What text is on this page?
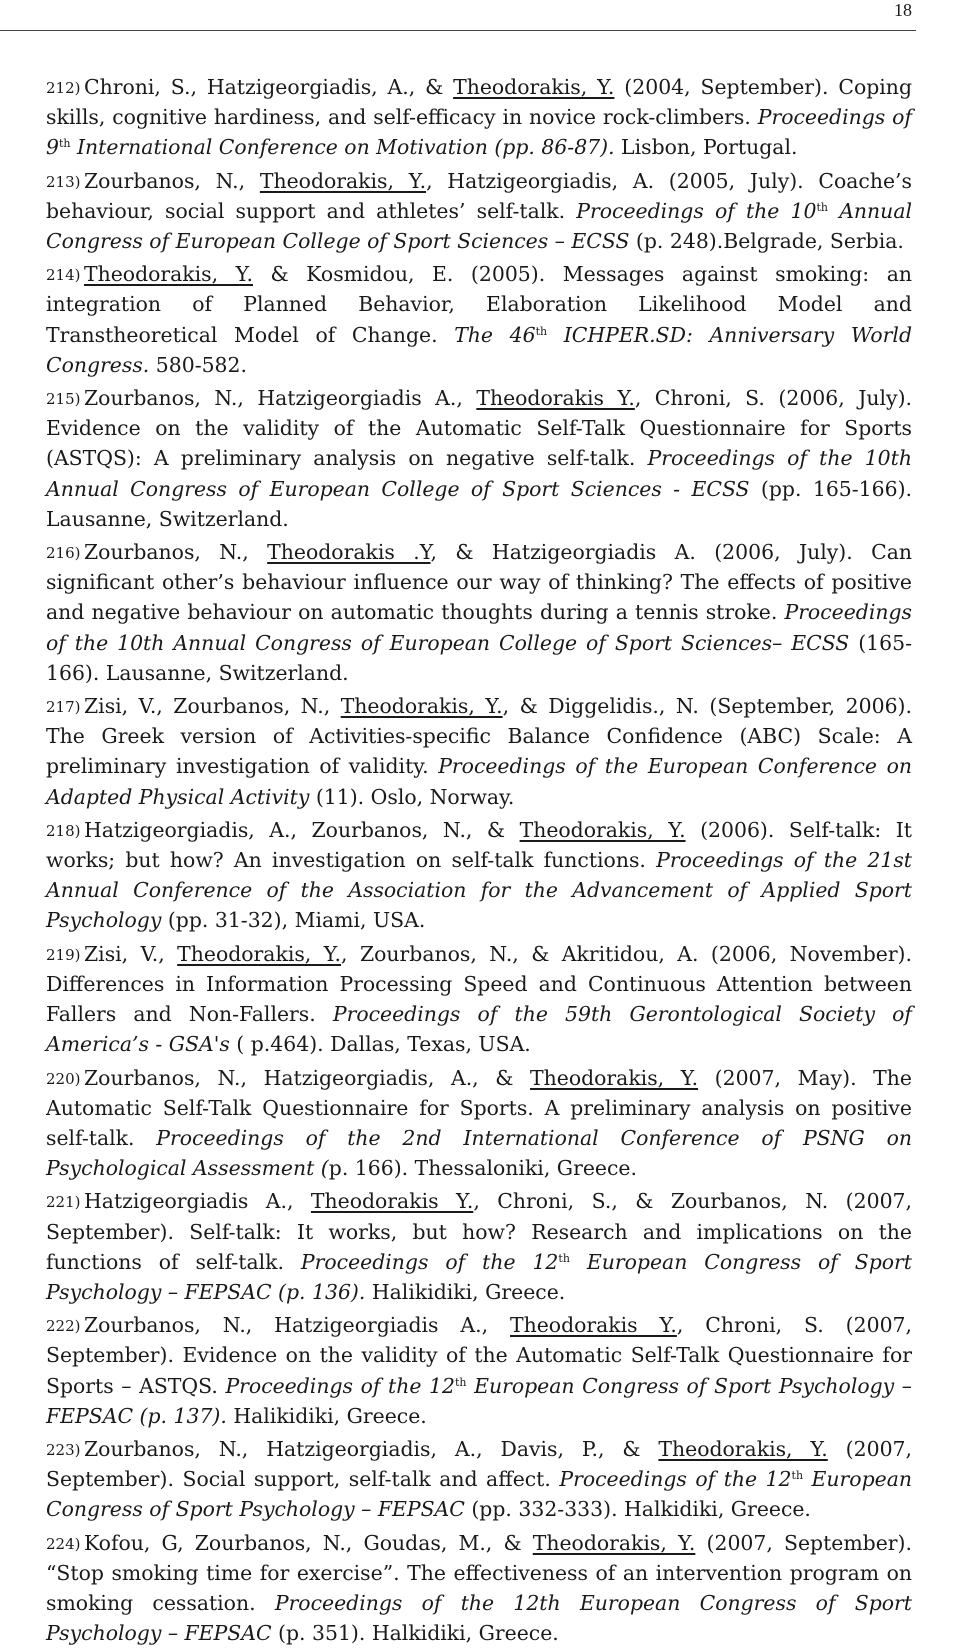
18
212) Chroni, S., Hatzigeorgiadis, A., & Theodorakis, Y. (2004, September). Coping skills, cognitive hardiness, and self-efficacy in novice rock-climbers. Proceedings of 9th International Conference on Motivation (pp. 86-87). Lisbon, Portugal.
213) Zourbanos, N., Theodorakis, Y., Hatzigeorgiadis, A. (2005, July). Coache’s behaviour, social support and athletes’ self-talk. Proceedings of the 10th Annual Congress of European College of Sport Sciences – ECSS (p. 248).Belgrade, Serbia.
214) Theodorakis, Y. & Kosmidou, E. (2005). Messages against smoking: an integration of Planned Behavior, Elaboration Likelihood Model and Transtheoretical Model of Change. The 46th ICHPER.SD: Anniversary World Congress. 580-582.
215) Zourbanos, N., Hatzigeorgiadis A., Theodorakis Y., Chroni, S. (2006, July). Evidence on the validity of the Automatic Self-Talk Questionnaire for Sports (ASTQS): A preliminary analysis on negative self-talk. Proceedings of the 10th Annual Congress of European College of Sport Sciences - ECSS (pp. 165-166). Lausanne, Switzerland.
216) Zourbanos, N., Theodorakis .Y, & Hatzigeorgiadis A. (2006, July). Can significant other’s behaviour influence our way of thinking? The effects of positive and negative behaviour on automatic thoughts during a tennis stroke. Proceedings of the 10th Annual Congress of European College of Sport Sciences– ECSS (165-166). Lausanne, Switzerland.
217) Zisi, V., Zourbanos, N., Theodorakis, Y., & Diggelidis., N. (September, 2006). The Greek version of Activities-specific Balance Confidence (ABC) Scale: A preliminary investigation of validity. Proceedings of the European Conference on Adapted Physical Activity (11). Oslo, Norway.
218) Hatzigeorgiadis, A., Zourbanos, N., & Theodorakis, Y. (2006). Self-talk: It works; but how? An investigation on self-talk functions. Proceedings of the 21st Annual Conference of the Association for the Advancement of Applied Sport Psychology (pp. 31-32), Miami, USA.
219) Zisi, V., Theodorakis, Y., Zourbanos, N., & Akritidou, A. (2006, November). Differences in Information Processing Speed and Continuous Attention between Fallers and Non-Fallers. Proceedings of the 59th Gerontological Society of America’s - GSA's ( p.464). Dallas, Texas, USA.
220) Zourbanos, N., Hatzigeorgiadis, A., & Theodorakis, Y. (2007, May). The Automatic Self-Talk Questionnaire for Sports. A preliminary analysis on positive self-talk. Proceedings of the 2nd International Conference of PSNG on Psychological Assessment (p. 166). Thessaloniki, Greece.
221) Hatzigeorgiadis A., Theodorakis Y., Chroni, S., & Zourbanos, N. (2007, September). Self-talk: It works, but how? Research and implications on the functions of self-talk. Proceedings of the 12th European Congress of Sport Psychology – FEPSAC (p. 136). Halikidiki, Greece.
222) Zourbanos, N., Hatzigeorgiadis A., Theodorakis Y., Chroni, S. (2007, September). Evidence on the validity of the Automatic Self-Talk Questionnaire for Sports – ASTQS. Proceedings of the 12th European Congress of Sport Psychology – FEPSAC (p. 137). Halikidiki, Greece.
223) Zourbanos, N., Hatzigeorgiadis, A., Davis, P., & Theodorakis, Y. (2007, September). Social support, self-talk and affect. Proceedings of the 12th European Congress of Sport Psychology – FEPSAC (pp. 332-333). Halkidiki, Greece.
224) Kofou, G, Zourbanos, N., Goudas, M., & Theodorakis, Y. (2007, September). “Stop smoking time for exercise”. The effectiveness of an intervention program on smoking cessation. Proceedings of the 12th European Congress of Sport Psychology – FEPSAC (p. 351). Halkidiki, Greece.
